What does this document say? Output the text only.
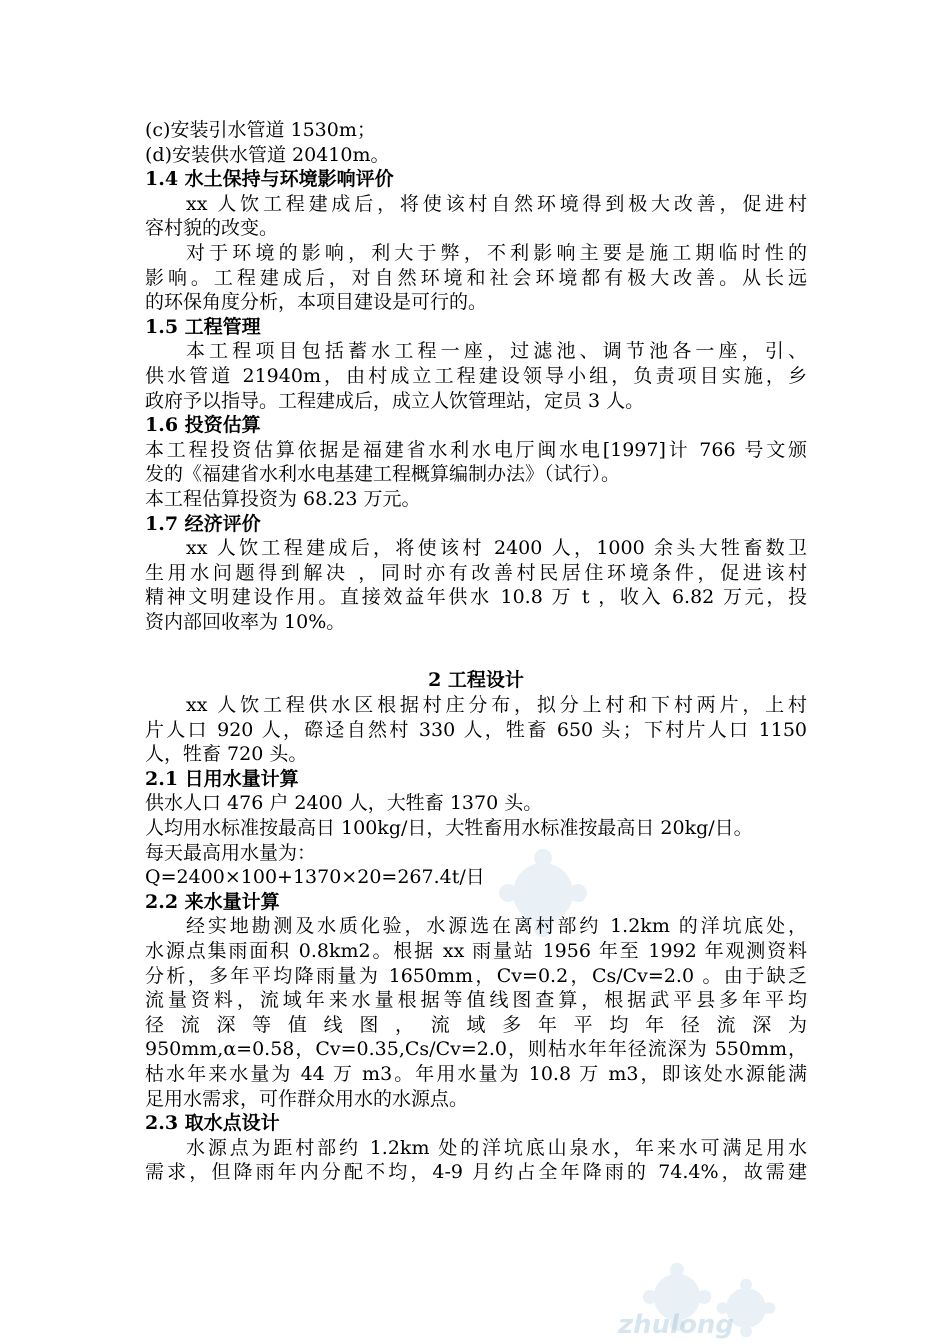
zhulong
(c)安装引水管道 1530m；
(d)安装供水管道 20410m。
1.4 水土保持与环境影响评价
xx 人饮工程建成后，将使该村自然环境得到极大改善，促进村
容村貌的改变。
对于环境的影响，利大于弊，不利影响主要是施工期临时性的
影响。工程建成后，对自然环境和社会环境都有极大改善。从长远
的环保角度分析，本项目建设是可行的。
1.5 工程管理
本工程项目包括蓄水工程一座，过滤池、调节池各一座，引、
供水管道 21940m，由村成立工程建设领导小组，负责项目实施，乡
政府予以指导。工程建成后，成立人饮管理站，定员 3 人。
1.6 投资估算
本工程投资估算依据是福建省水利水电厅闽水电[1997]计 766 号文颁
发的《福建省水利水电基建工程概算编制办法》（试行）。
本工程估算投资为 68.23 万元。
1.7 经济评价
xx 人饮工程建成后，将使该村 2400 人，1000 余头大牲畜数卫
生用水问题得到解决 ，同时亦有改善村民居住环境条件，促进该村
精神文明建设作用。直接效益年供水 10.8 万 t ，收入 6.82 万元，投
资内部回收率为 10%。
2 工程设计
xx 人饮工程供水区根据村庄分布，拟分上村和下村两片，上村
片人口 920 人，磜迳自然村 330 人，牲畜 650 头；下村片人口 1150
人，牲畜 720 头。
2.1 日用水量计算
供水人口 476 户 2400 人，大牲畜 1370 头。
人均用水标准按最高日 100kg/日，大牲畜用水标准按最高日 20kg/日。
每天最高用水量为：
Q=2400×100+1370×20=267.4t/日
2.2 来水量计算
经实地勘测及水质化验，水源选在离村部约 1.2km 的洋坑底处，
水源点集雨面积 0.8km2。根据 xx 雨量站 1956 年至 1992 年观测资料
分析，多年平均降雨量为 1650mm，Cv=0.2，Cs/Cv=2.0 。由于缺乏
流量资料，流域年来水量根据等值线图查算，根据武平县多年平均
径 流 深 等 值 线 图 ， 流 域 多 年 平 均 年 径 流 深 为
950mm,α=0.58，Cv=0.35,Cs/Cv=2.0，则枯水年年径流深为 550mm，
枯水年来水量为 44 万 m3。年用水量为 10.8 万 m3，即该处水源能满
足用水需求，可作群众用水的水源点。
2.3 取水点设计
水源点为距村部约 1.2km 处的洋坑底山泉水，年来水可满足用水
需求，但降雨年内分配不均，4-9 月约占全年降雨的 74.4%，故需建
